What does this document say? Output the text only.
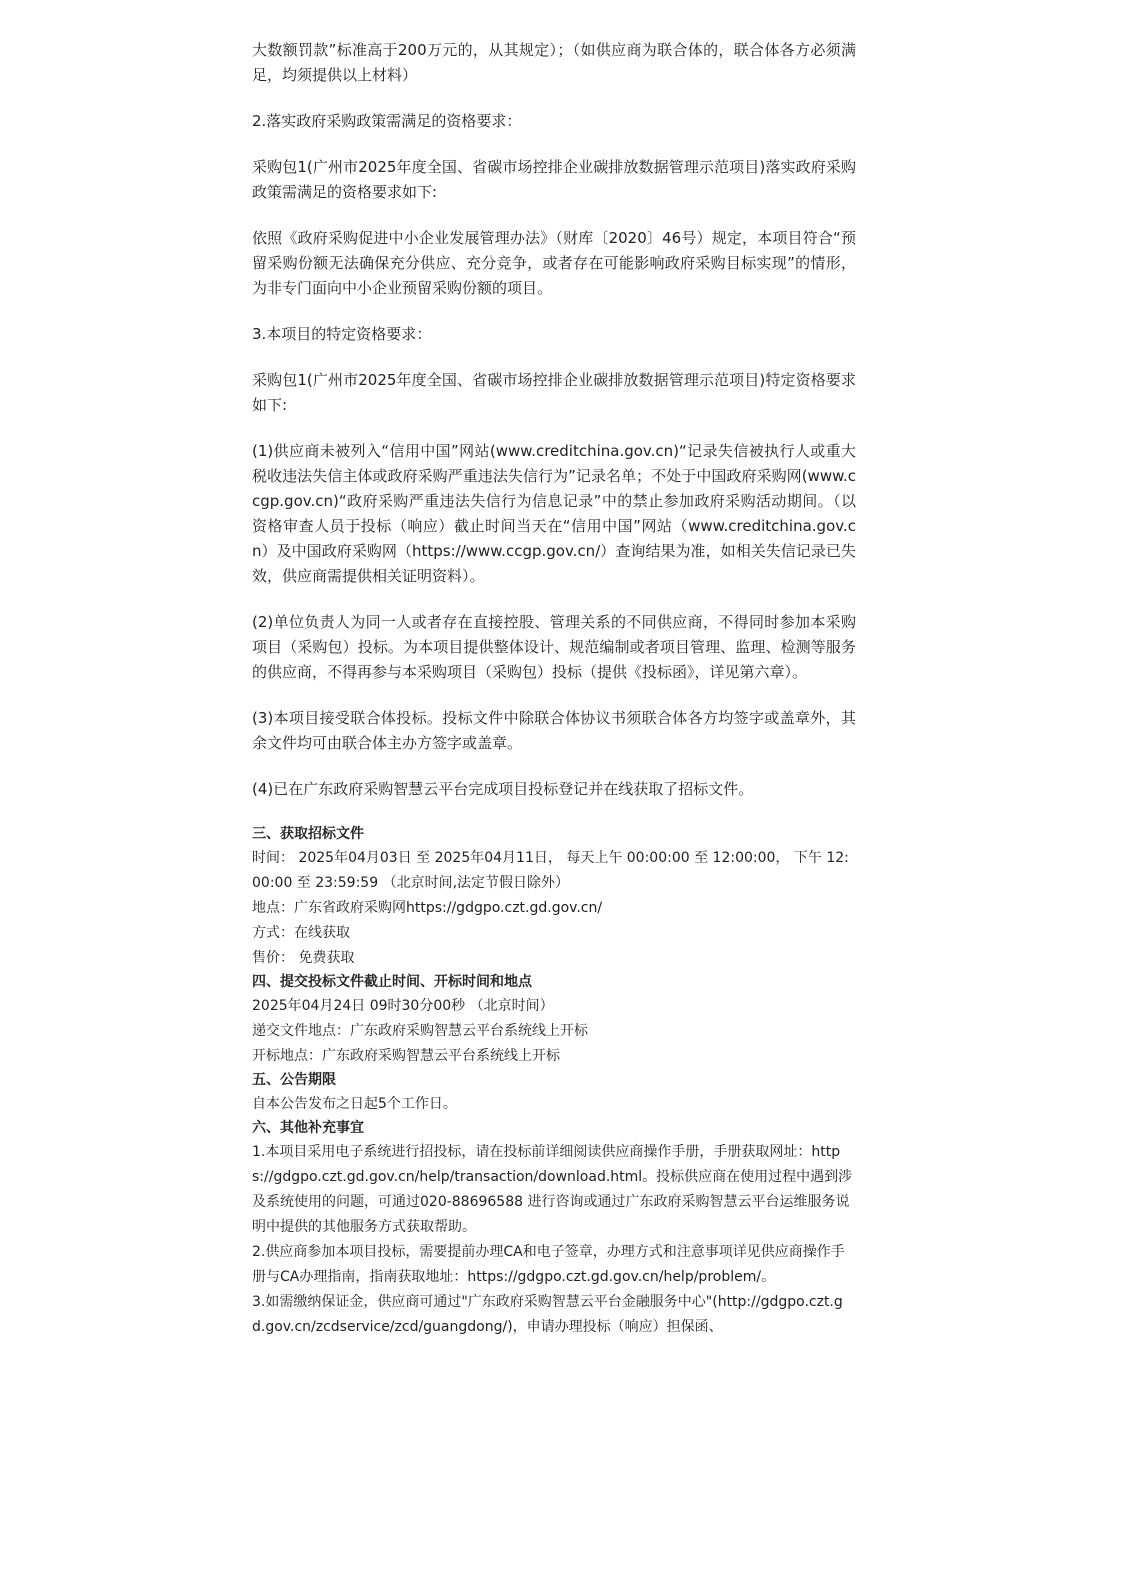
大数额罚款”标准高于200万元的，从其规定）；（如供应商为联合体的，联合体各方必须满足，均须提供以上材料）

2.落实政府采购政策需满足的资格要求：

采购包1(广州市2025年度全国、省碳市场控排企业碳排放数据管理示范项目)落实政府采购政策需满足的资格要求如下:

依照《政府采购促进中小企业发展管理办法》（财库〔2020〕46号）规定，本项目符合“预留采购份额无法确保充分供应、充分竞争，或者存在可能影响政府采购目标实现”的情形，为非专门面向中小企业预留采购份额的项目。

3.本项目的特定资格要求：

采购包1(广州市2025年度全国、省碳市场控排企业碳排放数据管理示范项目)特定资格要求如下:

(1)供应商未被列入“信用中国”网站(www.creditchina.gov.cn)“记录失信被执行人或重大税收违法失信主体或政府采购严重违法失信行为”记录名单；不处于中国政府采购网(www.ccgp.gov.cn)“政府采购严重违法失信行为信息记录”中的禁止参加政府采购活动期间。（以资格审查人员于投标（响应）截止时间当天在“信用中国”网站（www.creditchina.gov.cn）及中国政府采购网（https://www.ccgp.gov.cn/）查询结果为准，如相关失信记录已失效，供应商需提供相关证明资料）。

(2)单位负责人为同一人或者存在直接控股、管理关系的不同供应商，不得同时参加本采购项目（采购包）投标。为本项目提供整体设计、规范编制或者项目管理、监理、检测等服务的供应商，不得再参与本采购项目（采购包）投标（提供《投标函》，详见第六章）。

(3)本项目接受联合体投标。投标文件中除联合体协议书须联合体各方均签字或盖章外，其余文件均可由联合体主办方签字或盖章。

(4)已在广东政府采购智慧云平台完成项目投标登记并在线获取了招标文件。

三、获取招标文件

时间： 2025年04月03日 至 2025年04月11日， 每天上午 00:00:00 至 12:00:00， 下午 12:00:00 至 23:59:59 （北京时间,法定节假日除外）

地点：广东省政府采购网https://gdgpo.czt.gd.gov.cn/

方式：在线获取

售价： 免费获取

四、提交投标文件截止时间、开标时间和地点

2025年04月24日 09时30分00秒 （北京时间）

递交文件地点：广东政府采购智慧云平台系统线上开标

开标地点：广东政府采购智慧云平台系统线上开标

五、公告期限

自本公告发布之日起5个工作日。

六、其他补充事宜

1.本项目采用电子系统进行招投标，请在投标前详细阅读供应商操作手册，手册获取网址：https://gdgpo.czt.gd.gov.cn/help/transaction/download.html。投标供应商在使用过程中遇到涉及系统使用的问题，可通过020-88696588 进行咨询或通过广东政府采购智慧云平台运维服务说明中提供的其他服务方式获取帮助。

2.供应商参加本项目投标，需要提前办理CA和电子签章，办理方式和注意事项详见供应商操作手册与CA办理指南，指南获取地址：https://gdgpo.czt.gd.gov.cn/help/problem/。

3.如需缴纳保证金，供应商可通过"广东政府采购智慧云平台金融服务中心"(http://gdgpo.czt.gd.gov.cn/zcdservice/zcd/guangdong/)，申请办理投标（响应）担保函、
